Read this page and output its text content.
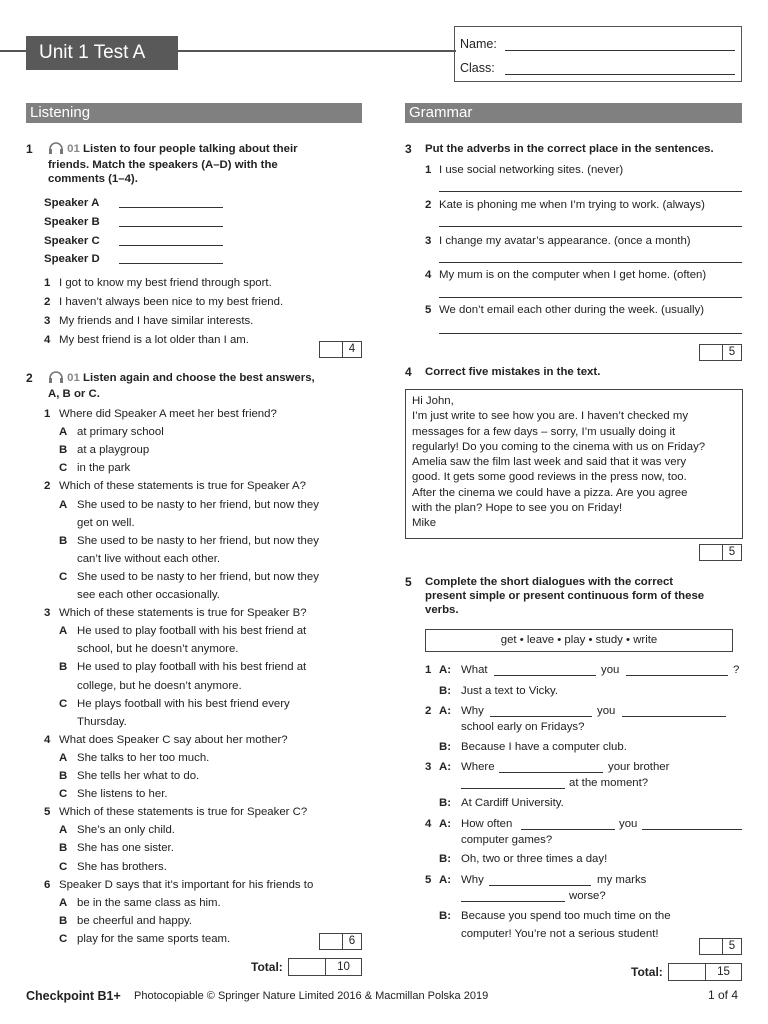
Unit 1 Test A	Name:
Class:
Listening
1	01 Listen to four people talking about their
friends. Match the speakers (A–D) with the
comments (1–4).
Speaker A
Speaker B
Speaker C
Speaker D
1 I got to know my best friend through sport.
2 I haven’t always been nice to my best friend.
3 My friends and I have similar interests.
4 My best friend is a lot older than I am.
4
2	01 Listen again and choose the best answers,
A, B or C.
1 Where did Speaker A meet her best friend?
A at primary school
B at a playgroup
C in the park
2 Which of these statements is true for Speaker A?
A She used to be nasty to her friend, but now they
get on well.
B She used to be nasty to her friend, but now they
can’t live without each other.
C She used to be nasty to her friend, but now they
see each other occasionally.
3 Which of these statements is true for Speaker B?
A He used to play football with his best friend at
school, but he doesn’t anymore.
B He used to play football with his best friend at
college, but he doesn’t anymore.
C He plays football with his best friend every
Thursday.
4 What does Speaker C say about her mother?
A She talks to her too much.
B She tells her what to do.
C She listens to her.
5 Which of these statements is true for Speaker C?
A She’s an only child.
B She has one sister.
C She has brothers.
6 Speaker D says that it’s important for his friends to
A be in the same class as him.
B be cheerful and happy.
C play for the same sports team.	6
Total:	10
Grammar
3 Put the adverbs in the correct place in the sentences.
1 I use social networking sites. (never)
2 Kate is phoning me when I’m trying to work. (always)
3 I change my avatar’s appearance. (once a month)
4 My mum is on the computer when I get home. (often)
5 We don’t email each other during the week. (usually)
5
4 Correct five mistakes in the text.
Hi John,
I’m just write to see how you are. I haven’t checked my
messages for a few days – sorry, I’m usually doing it
regularly! Do you coming to the cinema with us on Friday?
Amelia saw the film last week and said that it was very
good. It gets some good reviews in the press now, too.
After the cinema we could have a pizza. Are you agree
with the plan? Hope to see you on Friday!
Mike
5
5 Complete the short dialogues with the correct
present simple or present continuous form of these
verbs.
get • leave • play • study • write
1 A: What	you	?
B: Just a text to Vicky.
2 A: Why	you
school early on Fridays?
B: Because I have a computer club.
3 A: Where	your brother
at the moment?
B: At Cardiff University.
4 A: How often	you
computer games?
B: Oh, two or three times a day!
5 A: Why	my marks
worse?
B: Because you spend too much time on the
computer! You’re not a serious student!
5
Total:	15
Checkpoint B1+ Photocopiable © Springer Nature Limited 2016 & Macmillan Polska 2019	1 of 4
